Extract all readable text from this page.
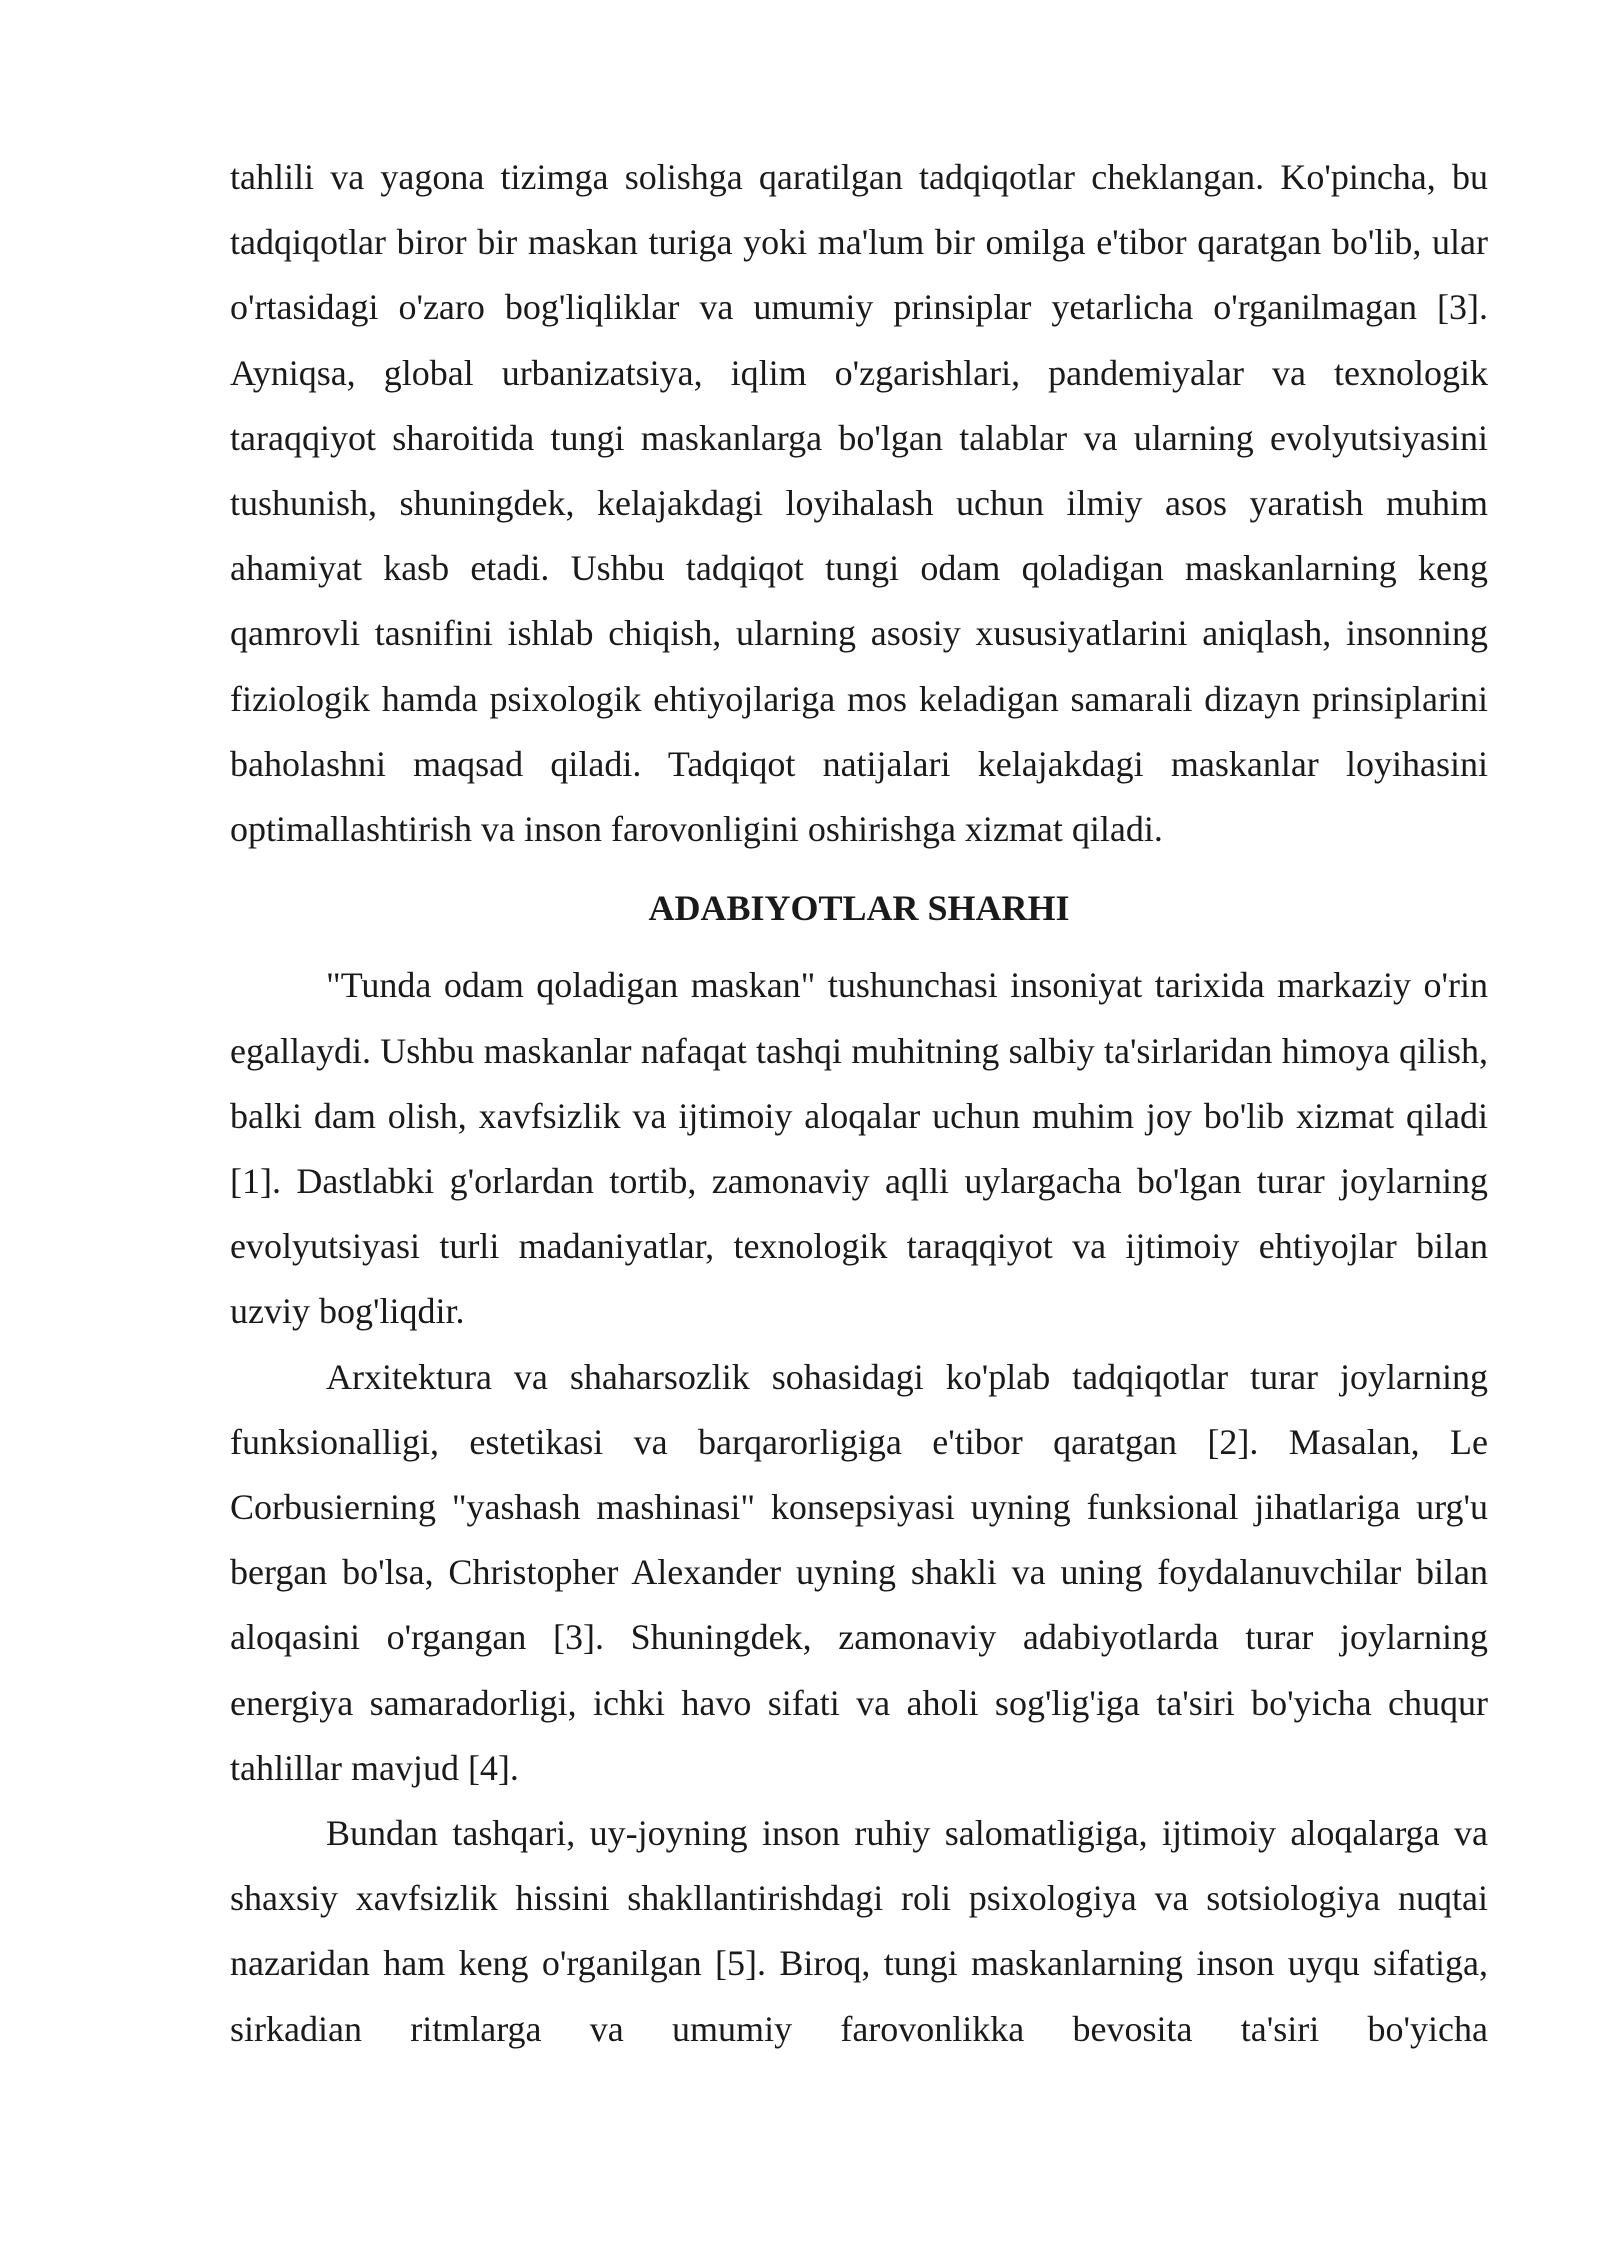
tahlili va yagona tizimga solishga qaratilgan tadqiqotlar cheklangan. Ko'pincha, bu tadqiqotlar biror bir maskan turiga yoki ma'lum bir omilga e'tibor qaratgan bo'lib, ular o'rtasidagi o'zaro bog'liqliklar va umumiy prinsiplar yetarlicha o'rganilmagan [3]. Ayniqsa, global urbanizatsiya, iqlim o'zgarishlari, pandemiyalar va texnologik taraqqiyot sharoitida tungi maskanlarga bo'lgan talablar va ularning evolyutsiyasini tushunish, shuningdek, kelajakdagi loyihalash uchun ilmiy asos yaratish muhim ahamiyat kasb etadi. Ushbu tadqiqot tungi odam qoladigan maskanlarning keng qamrovli tasnifini ishlab chiqish, ularning asosiy xususiyatlarini aniqlash, insonning fiziologik hamda psixologik ehtiyojlariga mos keladigan samarali dizayn prinsiplarini baholashni maqsad qiladi. Tadqiqot natijalari kelajakdagi maskanlar loyihasini optimallashtirish va inson farovonligini oshirishga xizmat qiladi.

ADABIYOTLAR SHARHI

"Tunda odam qoladigan maskan" tushunchasi insoniyat tarixida markaziy o'rin egallaydi. Ushbu maskanlar nafaqat tashqi muhitning salbiy ta'sirlaridan himoya qilish, balki dam olish, xavfsizlik va ijtimoiy aloqalar uchun muhim joy bo'lib xizmat qiladi [1]. Dastlabki g'orlardan tortib, zamonaviy aqlli uylargacha bo'lgan turar joylarning evolyutsiyasi turli madaniyatlar, texnologik taraqqiyot va ijtimoiy ehtiyojlar bilan uzviy bog'liqdir.

Arxitektura va shaharsozlik sohasidagi ko'plab tadqiqotlar turar joylarning funksionalligi, estetikasi va barqarorligiga e'tibor qaratgan [2]. Masalan, Le Corbusierning "yashash mashinasi" konsepsiyasi uyning funksional jihatlariga urg'u bergan bo'lsa, Christopher Alexander uyning shakli va uning foydalanuvchilar bilan aloqasini o'rgangan [3]. Shuningdek, zamonaviy adabiyotlarda turar joylarning energiya samaradorligi, ichki havo sifati va aholi sog'lig'iga ta'siri bo'yicha chuqur tahlillar mavjud [4].

Bundan tashqari, uy-joyning inson ruhiy salomatligiga, ijtimoiy aloqalarga va shaxsiy xavfsizlik hissini shakllantirishdagi roli psixologiya va sotsiologiya nuqtai nazaridan ham keng o'rganilgan [5]. Biroq, tungi maskanlarning inson uyqu sifatiga, sirkadian ritmlarga va umumiy farovonlikka bevosita ta'siri bo'yicha
